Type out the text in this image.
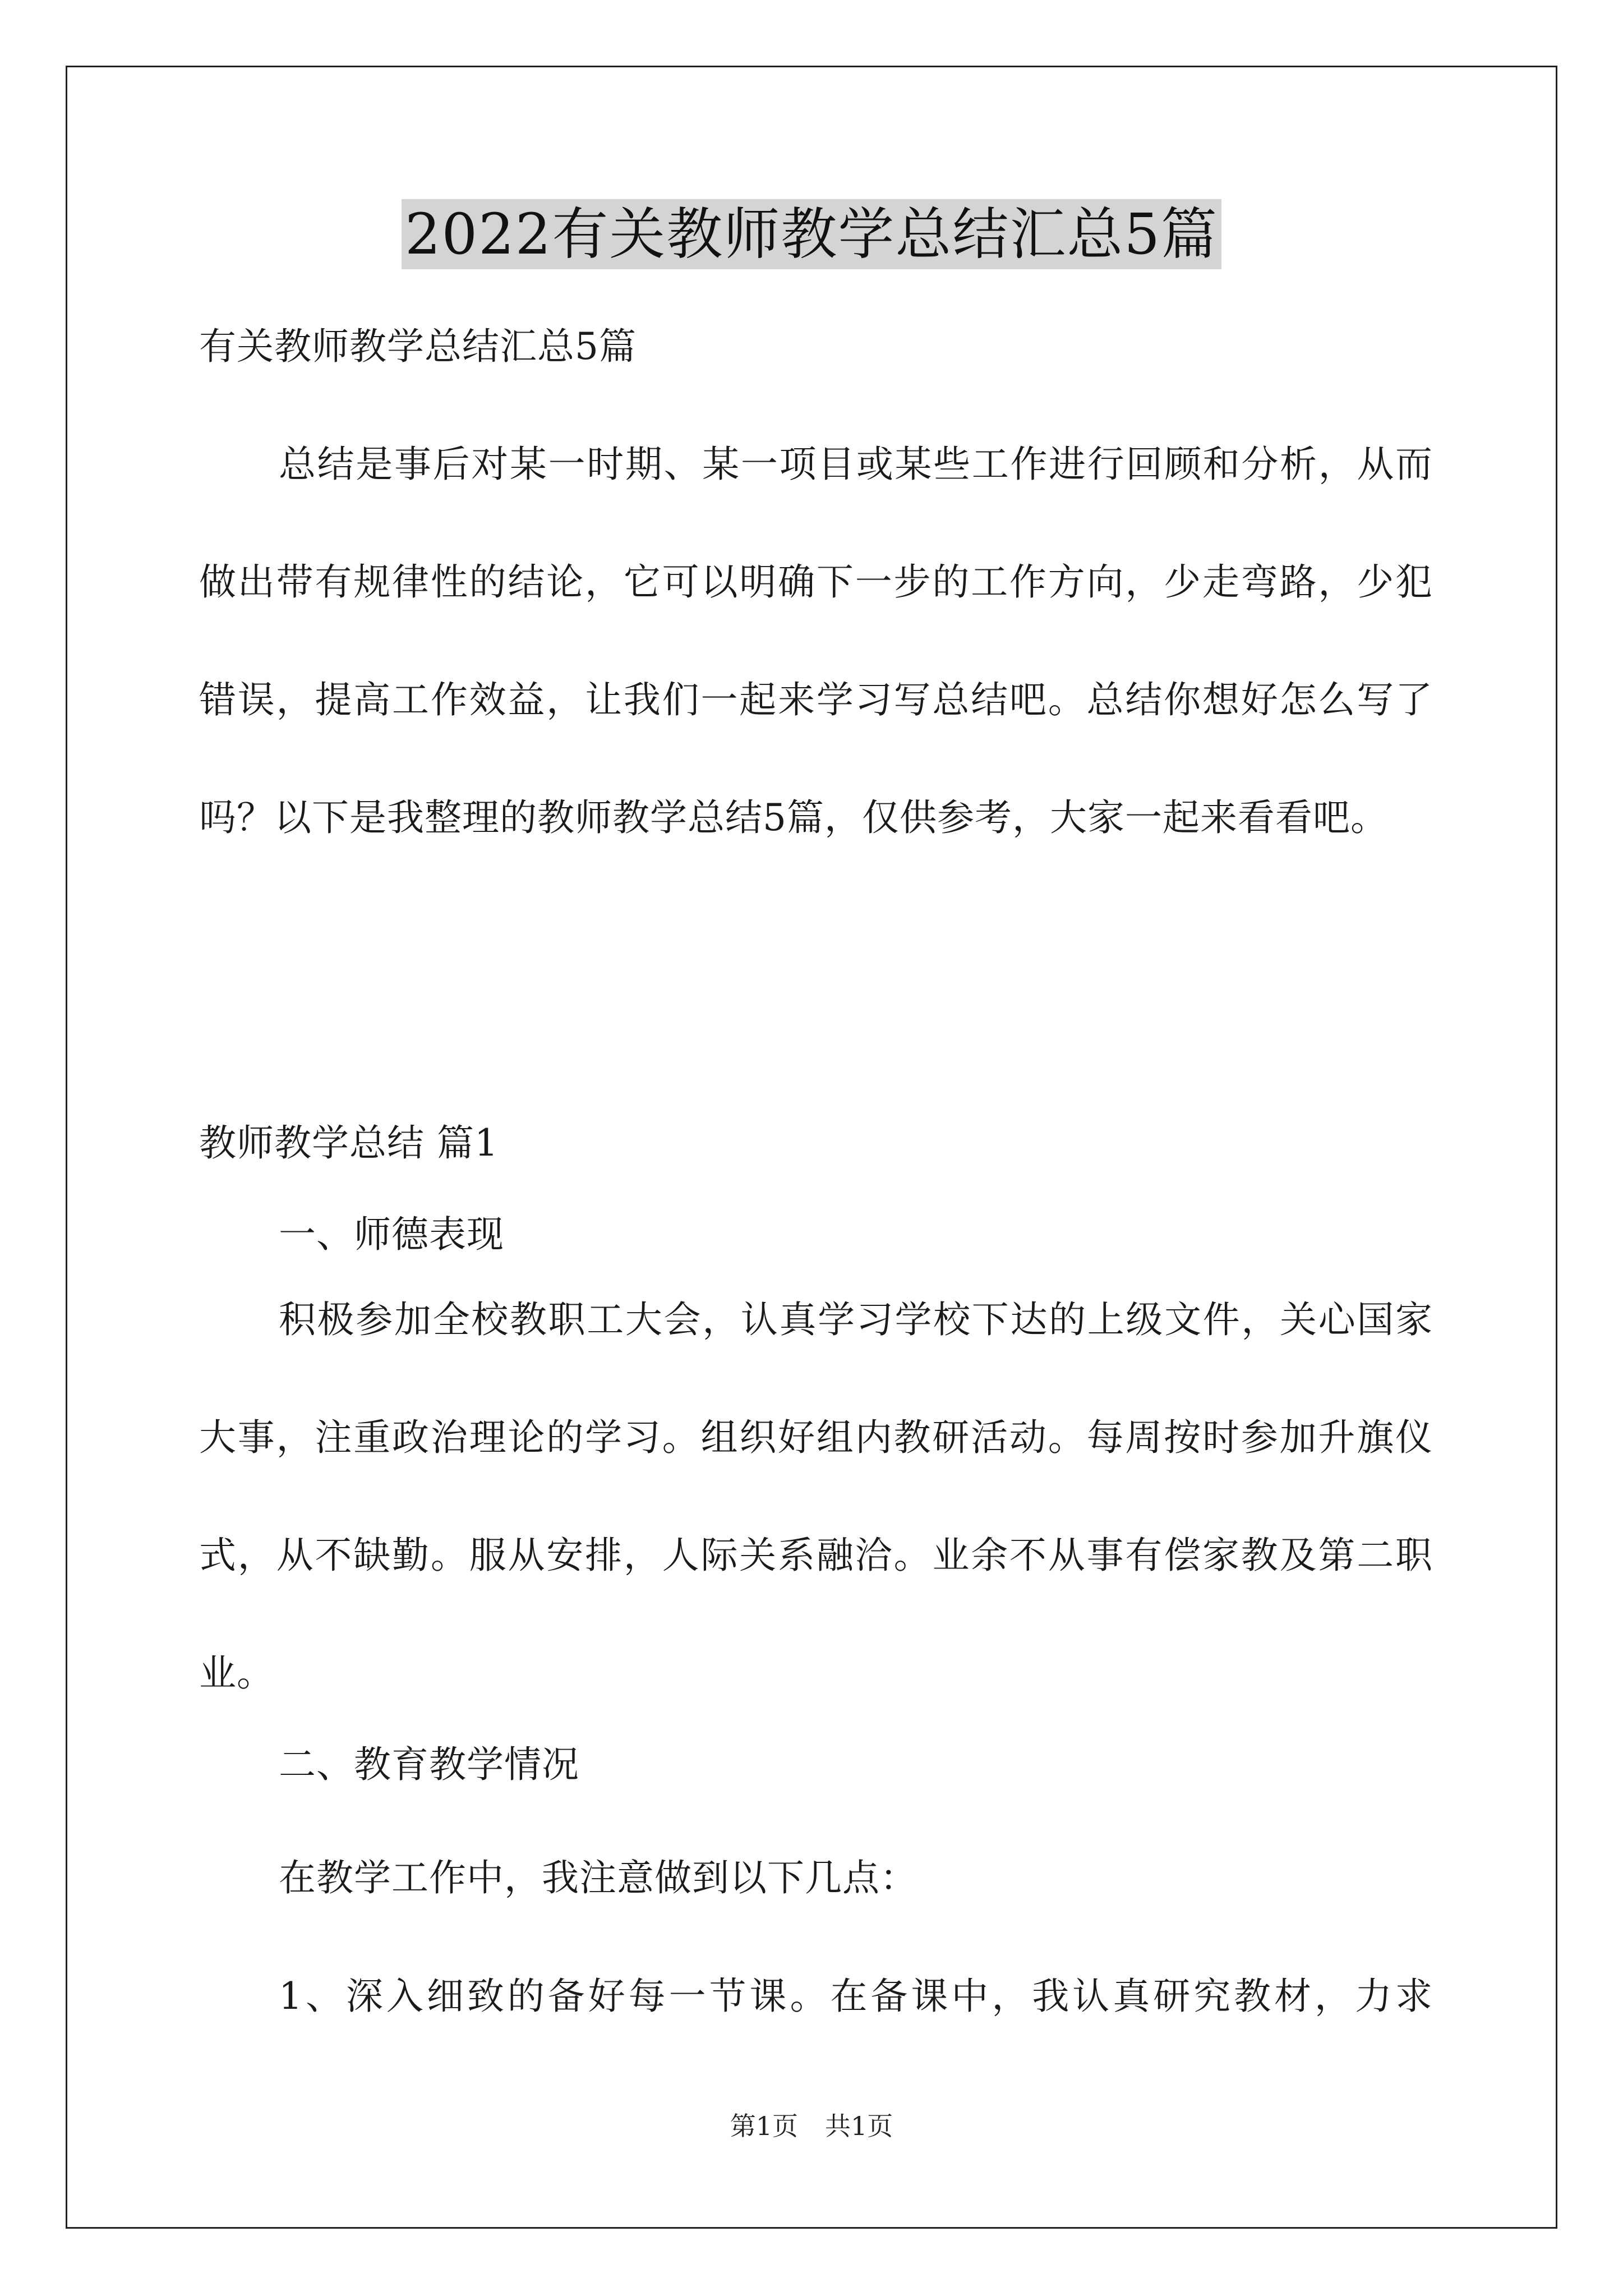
2022有关教师教学总结汇总5篇
有关教师教学总结汇总5篇
总结是事后对某一时期、某一项目或某些工作进行回顾和分析，从而做出带有规律性的结论，它可以明确下一步的工作方向，少走弯路，少犯错误，提高工作效益，让我们一起来学习写总结吧。总结你想好怎么写了吗？以下是我整理的教师教学总结5篇，仅供参考，大家一起来看看吧。
教师教学总结 篇1
一、师德表现
积极参加全校教职工大会，认真学习学校下达的上级文件，关心国家大事，注重政治理论的学习。组织好组内教研活动。每周按时参加升旗仪式，从不缺勤。服从安排，人际关系融洽。业余不从事有偿家教及第二职业。
二、教育教学情况
在教学工作中，我注意做到以下几点：
1、深入细致的备好每一节课。在备课中，我认真研究教材，力求
第1页 共1页
